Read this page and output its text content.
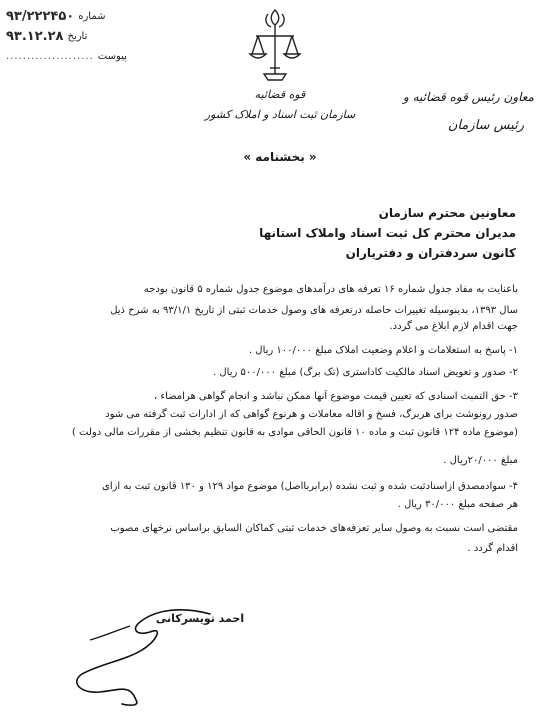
۹۳/۲۲۲۴۵۰ شماره
۹۳.۱۲.۲۸ تاریخ
..................... پیوست
قوه قضائیه
سازمان ثبت اسناد و املاک کشور
معاون رئیس قوه قضائیه و
رئیس سازمان
« بخشنامه »
معاونین محترم سازمان
مدیران محترم کل ثبت اسناد واملاک استانها
کانون سردفتران و دفتریاران
باعنایت به مفاد جدول شماره ۱۶ تعرفه های درآمدهای موضوع جدول شماره ۵ قانون بودجه
سال ۱۳۹۳، بدینوسیله تغییرات حاصله درتعرفه های وصول خدمات ثبتی از تاریخ ۹۳/۱/۱ به شرح ذیل
جهت اقدام لازم ابلاغ می گردد.
۱- پاسخ به استعلامات و اعلام وضعیت املاک مبلغ ۱۰۰/۰۰۰ ریال .
۲- صدور و تعویض اسناد مالکیت کاداستری (تک برگ) مبلغ ۵۰۰/۰۰۰ ریال .
۳- حق التمبت اسنادی که تعیین قیمت موضوع آنها ممکن نباشد و انجام گواهی هرامضاء ،
صدور رونوشت برای هربرگ، فسخ و اقاله معاملات و هرنوع گواهی که از ادارات ثبت گرفته می شود
(موضوع ماده ۱۲۴ قانون ثبت و ماده ۱۰ قانون الحاقی موادی به قانون تنظیم بخشی از مقررات مالی دولت )
مبلغ ۲۰/۰۰۰ریال .
۴- سوادمصدق ازاسنادثبت شده و ثبت نشده (برابربااصل) موضوع مواد ۱۲۹ و ۱۳۰ قانون ثبت به ازای
هر صفحه مبلغ ۳۰/۰۰۰ ریال .
مقتضی است نسبت به وصول سایر تعرفه‌های خدمات ثبتی کماکان السابق براساس نرخهای مصوب
اقدام گردد .
احمد تویسرکانی
